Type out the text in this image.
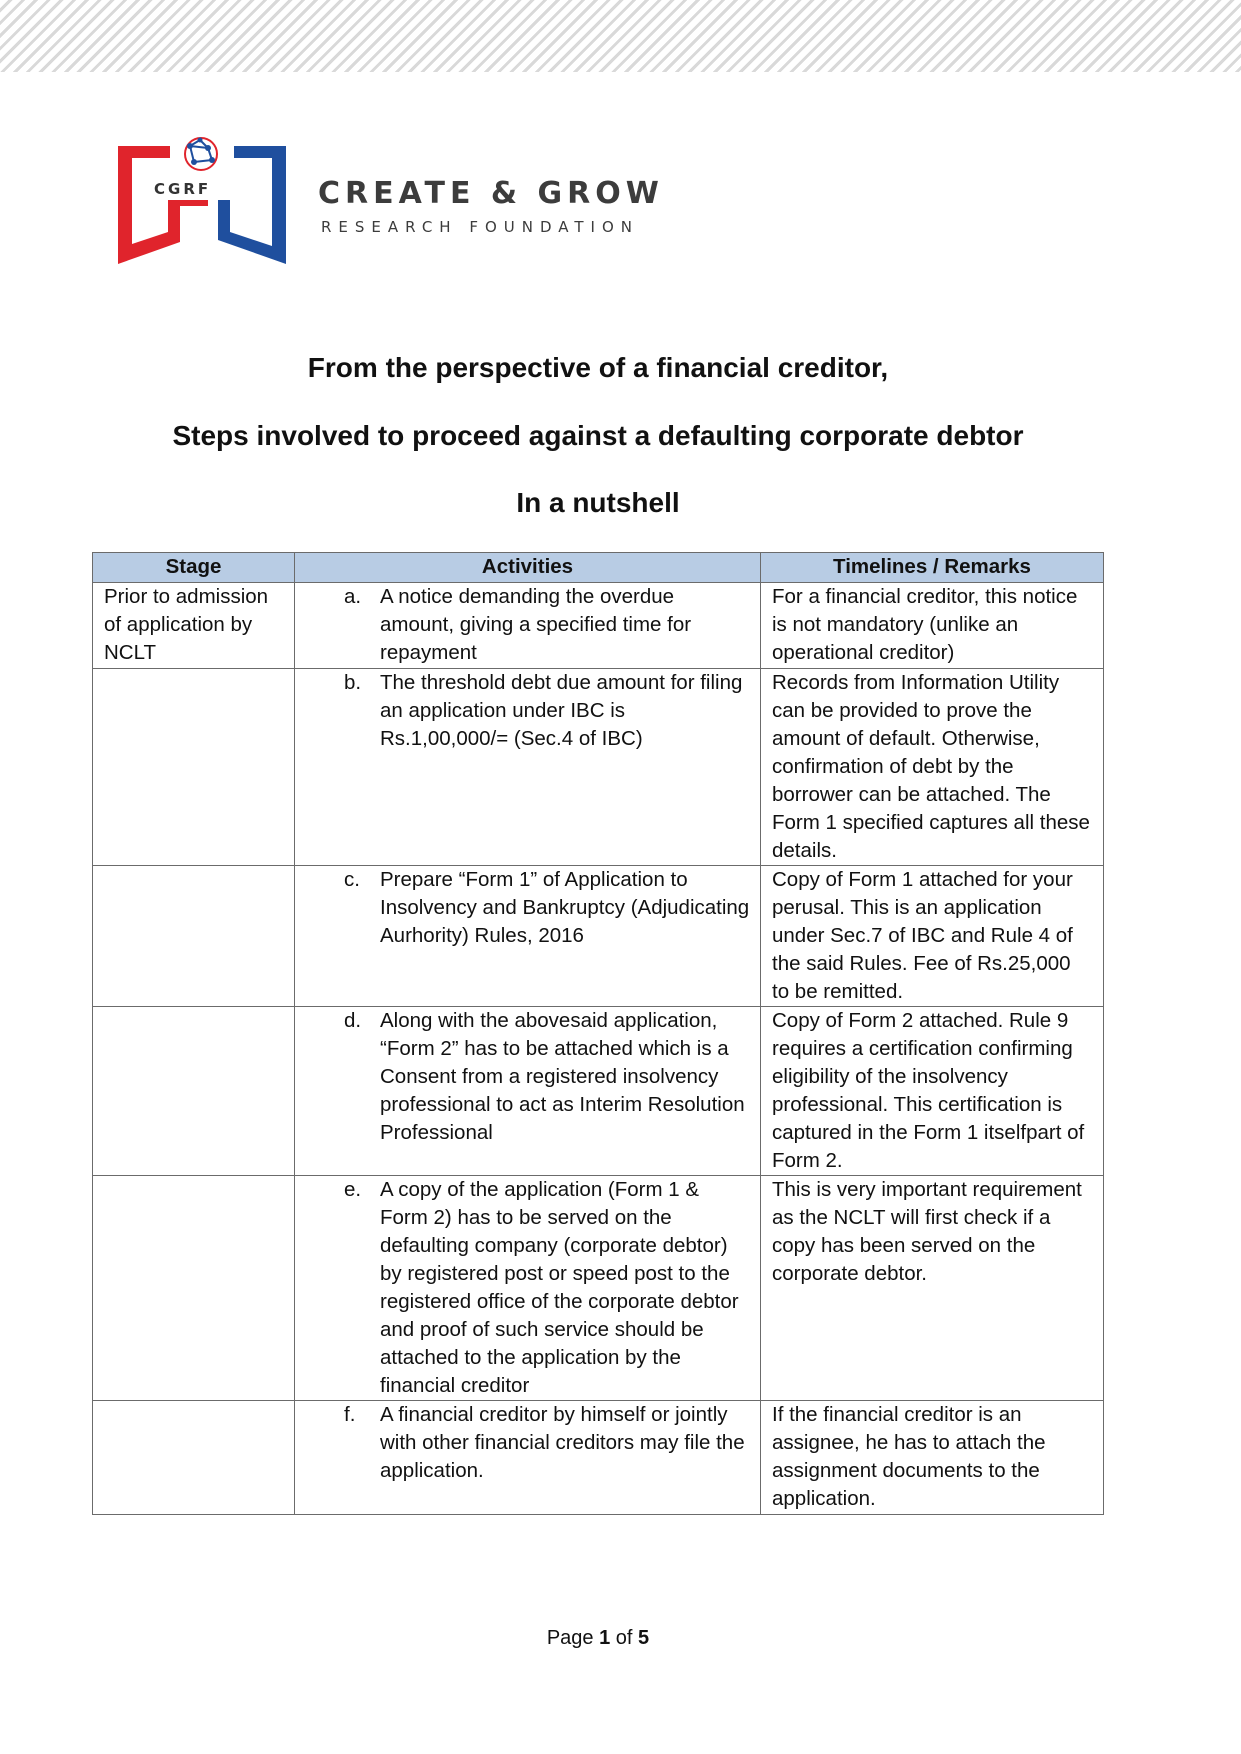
CGRF	CREATE & GROW
RESEARCH FOUNDATION
From the perspective of a financial creditor,
Steps involved to proceed against a defaulting corporate debtor
In a nutshell
Stage	Activities	Timelines / Remarks
Prior to admission of application by NCLT	a. A notice demanding the overdue amount, giving a specified time for repayment	For a financial creditor, this notice is not mandatory (unlike an operational creditor)

	b. The threshold debt due amount for filing an application under IBC is Rs.1,00,000/= (Sec.4 of IBC)	Records from Information Utility can be provided to prove the amount of default. Otherwise, confirmation of debt by the borrower can be attached. The Form 1 specified captures all these details.

	c. Prepare “Form 1” of Application to Insolvency and Bankruptcy (Adjudicating Aurhority) Rules, 2016	Copy of Form 1 attached for your perusal. This is an application under Sec.7 of IBC and Rule 4 of the said Rules. Fee of Rs.25,000 to be remitted.

	d. Along with the abovesaid application, “Form 2” has to be attached which is a Consent from a registered insolvency professional to act as Interim Resolution Professional	Copy of Form 2 attached. Rule 9 requires a certification confirming eligibility of the insolvency professional. This certification is captured in the Form 1 itselfpart of Form 2.

	e. A copy of the application (Form 1 & Form 2) has to be served on the defaulting company (corporate debtor) by registered post or speed post to the registered office of the corporate debtor and proof of such service should be attached to the application by the financial creditor	This is very important requirement as the NCLT will first check if a copy has been served on the corporate debtor.

	f. A financial creditor by himself or jointly with other financial creditors may file the application.	If the financial creditor is an assignee, he has to attach the assignment documents to the application.
Page 1 of 5
